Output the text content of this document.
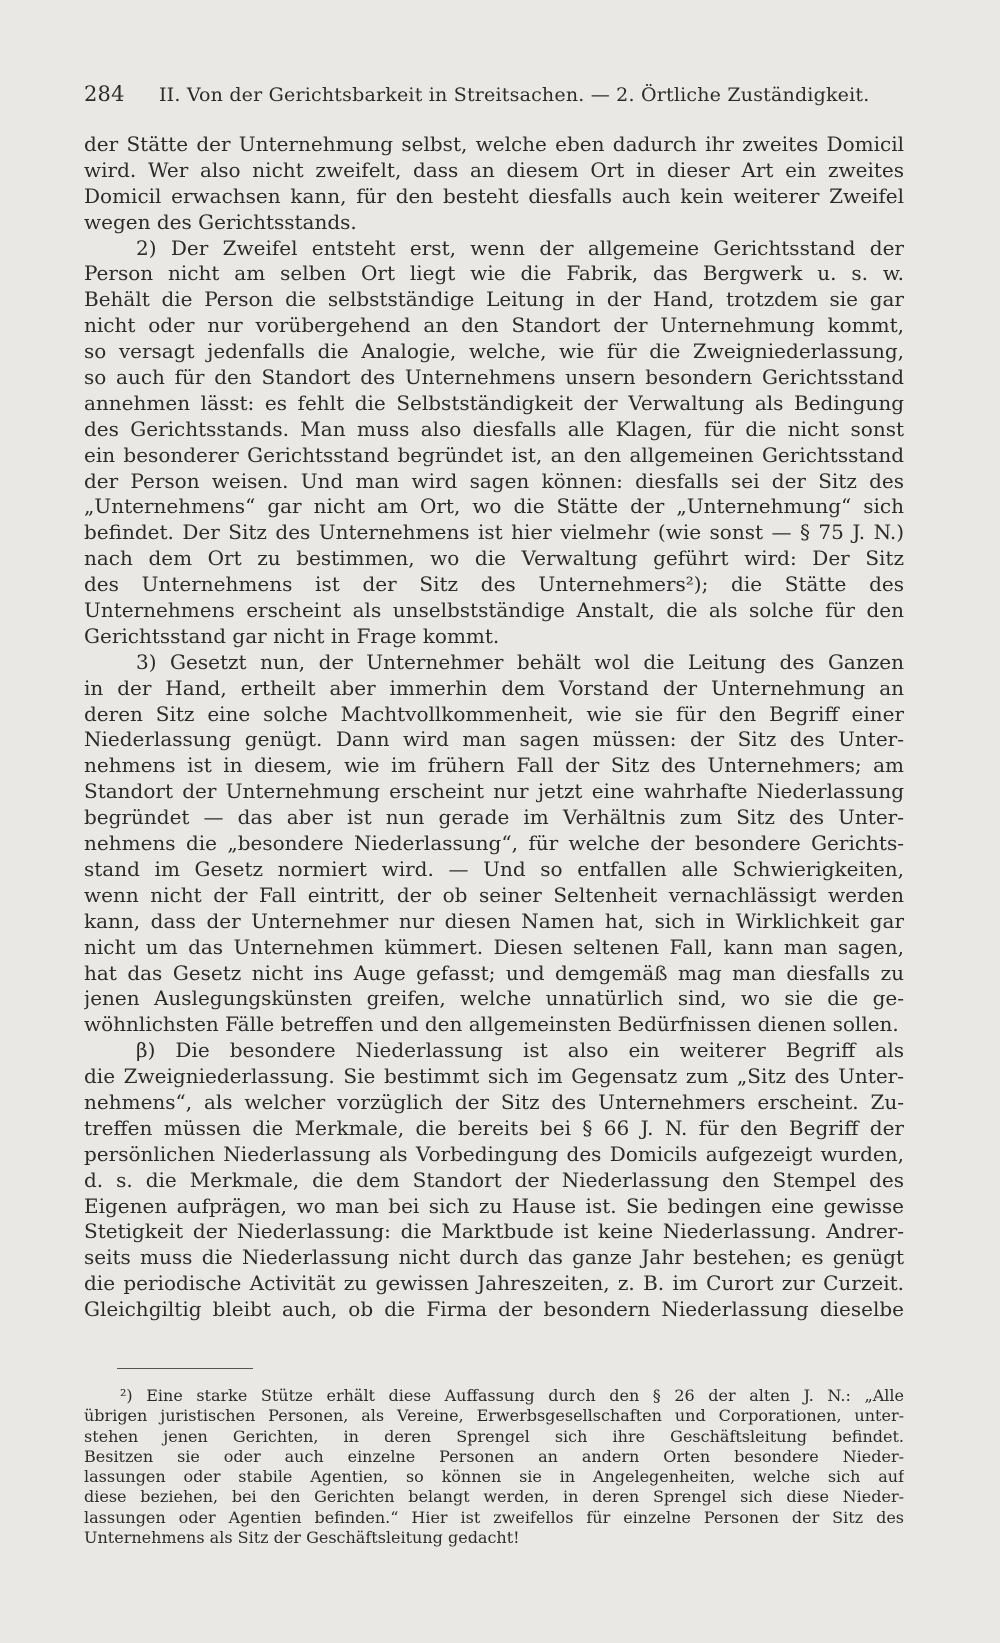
284 II. Von der Gerichtsbarkeit in Streitsachen. — 2. Örtliche Zuständigkeit.
der Stätte der Unternehmung selbst, welche eben dadurch ihr zweites Domicil
wird. Wer also nicht zweifelt, dass an diesem Ort in dieser Art ein zweites
Domicil erwachsen kann, für den besteht diesfalls auch kein weiterer Zweifel
wegen des Gerichtsstands.
2) Der Zweifel entsteht erst, wenn der allgemeine Gerichtsstand der
Person nicht am selben Ort liegt wie die Fabrik, das Bergwerk u. s. w.
Behält die Person die selbstständige Leitung in der Hand, trotzdem sie gar
nicht oder nur vorübergehend an den Standort der Unternehmung kommt,
so versagt jedenfalls die Analogie, welche, wie für die Zweigniederlassung,
so auch für den Standort des Unternehmens unsern besondern Gerichtsstand
annehmen lässt: es fehlt die Selbstständigkeit der Verwaltung als Bedingung
des Gerichtsstands. Man muss also diesfalls alle Klagen, für die nicht sonst
ein besonderer Gerichtsstand begründet ist, an den allgemeinen Gerichtsstand
der Person weisen. Und man wird sagen können: diesfalls sei der Sitz des
„Unternehmens“ gar nicht am Ort, wo die Stätte der „Unternehmung“ sich
befindet. Der Sitz des Unternehmens ist hier vielmehr (wie sonst — § 75 J. N.)
nach dem Ort zu bestimmen, wo die Verwaltung geführt wird: Der Sitz
des Unternehmens ist der Sitz des Unternehmers²); die Stätte des
Unternehmens erscheint als unselbstständige Anstalt, die als solche für den
Gerichtsstand gar nicht in Frage kommt.
3) Gesetzt nun, der Unternehmer behält wol die Leitung des Ganzen
in der Hand, ertheilt aber immerhin dem Vorstand der Unternehmung an
deren Sitz eine solche Machtvollkommenheit, wie sie für den Begriff einer
Niederlassung genügt. Dann wird man sagen müssen: der Sitz des Unter-
nehmens ist in diesem, wie im frühern Fall der Sitz des Unternehmers; am
Standort der Unternehmung erscheint nur jetzt eine wahrhafte Niederlassung
begründet — das aber ist nun gerade im Verhältnis zum Sitz des Unter-
nehmens die „besondere Niederlassung“, für welche der besondere Gerichts-
stand im Gesetz normiert wird. — Und so entfallen alle Schwierigkeiten,
wenn nicht der Fall eintritt, der ob seiner Seltenheit vernachlässigt werden
kann, dass der Unternehmer nur diesen Namen hat, sich in Wirklichkeit gar
nicht um das Unternehmen kümmert. Diesen seltenen Fall, kann man sagen,
hat das Gesetz nicht ins Auge gefasst; und demgemäß mag man diesfalls zu
jenen Auslegungskünsten greifen, welche unnatürlich sind, wo sie die ge-
wöhnlichsten Fälle betreffen und den allgemeinsten Bedürfnissen dienen sollen.
β) Die besondere Niederlassung ist also ein weiterer Begriff als
die Zweigniederlassung. Sie bestimmt sich im Gegensatz zum „Sitz des Unter-
nehmens“, als welcher vorzüglich der Sitz des Unternehmers erscheint. Zu-
treffen müssen die Merkmale, die bereits bei § 66 J. N. für den Begriff der
persönlichen Niederlassung als Vorbedingung des Domicils aufgezeigt wurden,
d. s. die Merkmale, die dem Standort der Niederlassung den Stempel des
Eigenen aufprägen, wo man bei sich zu Hause ist. Sie bedingen eine gewisse
Stetigkeit der Niederlassung: die Marktbude ist keine Niederlassung. Andrer-
seits muss die Niederlassung nicht durch das ganze Jahr bestehen; es genügt
die periodische Activität zu gewissen Jahreszeiten, z. B. im Curort zur Curzeit.
Gleichgiltig bleibt auch, ob die Firma der besondern Niederlassung dieselbe
²) Eine starke Stütze erhält diese Auffassung durch den § 26 der alten J. N.: „Alle
übrigen juristischen Personen, als Vereine, Erwerbsgesellschaften und Corporationen, unter-
stehen jenen Gerichten, in deren Sprengel sich ihre Geschäftsleitung befindet.
Besitzen sie oder auch einzelne Personen an andern Orten besondere Nieder-
lassungen oder stabile Agentien, so können sie in Angelegenheiten, welche sich auf
diese beziehen, bei den Gerichten belangt werden, in deren Sprengel sich diese Nieder-
lassungen oder Agentien befinden.“ Hier ist zweifellos für einzelne Personen der Sitz des
Unternehmens als Sitz der Geschäftsleitung gedacht!
